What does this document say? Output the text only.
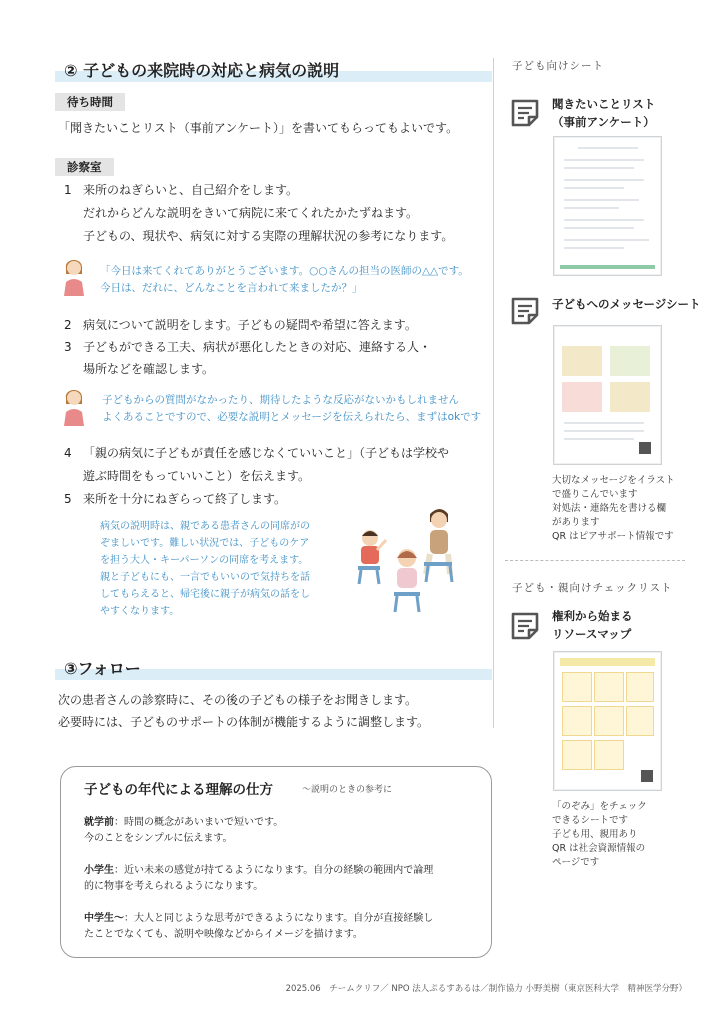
② 子どもの来院時の対応と病気の説明
待ち時間
「聞きたいことリスト（事前アンケート）」を書いてもらってもよいです。
診察室
1 来所のねぎらいと、自己紹介をします。
だれからどんな説明をきいて病院に来てくれたかたずねます。
子どもの、現状や、病気に対する実際の理解状況の参考になります。
「今日は来てくれてありがとうございます。○○さんの担当の医師の△△です。
今日は、だれに、どんなことを言われて来ましたか？」
2 病気について説明をします。子どもの疑問や希望に答えます。
3 子どもができる工夫、病状が悪化したときの対応、連絡する人・
場所などを確認します。
子どもからの質問がなかったり、期待したような反応がないかもしれません
よくあることですので、必要な説明とメッセージを伝えられたら、まずはokです
4 「親の病気に子どもが責任を感じなくていいこと」（子どもは学校や
遊ぶ時間をもっていいこと）を伝えます。
5 来所を十分にねぎらって終了します。
病気の説明時は、親である患者さんの同席がの
ぞましいです。難しい状況では、子どものケア
を担う大人・キーパーソンの同席を考えます。
親と子どもにも、一言でもいいので気持ちを話
してもらえると、帰宅後に親子が病気の話をし
やすくなります。
③フォロー
次の患者さんの診察時に、その後の子どもの様子をお聞きします。
必要時には、子どものサポートの体制が機能するように調整します。
子どもの年代による理解の仕方	～説明のときの参考に
就学前：時間の概念があいまいで短いです。
今のことをシンプルに伝えます。
小学生：近い未来の感覚が持てるようになります。自分の経験の範囲内で論理
的に物事を考えられるようになります。
中学生～：大人と同じような思考ができるようになります。自分が直接経験し
たことでなくても、説明や映像などからイメージを描けます。
子ども向けシート
聞きたいことリスト
（事前アンケート）
子どもへのメッセージシート
大切なメッセージをイラスト
で盛りこんでいます
対処法・連絡先を書ける欄
があります
QR はピアサポート情報です
子ども・親向けチェックリスト
権利から始まる
リソースマップ
「のぞみ」をチェック
できるシートです
子ども用、親用あり
QR は社会資源情報の
ページです
2025.06　チームクリフ／ NPO 法人ぷるすあるは／制作協力 小野美樹（東京医科大学　精神医学分野）
